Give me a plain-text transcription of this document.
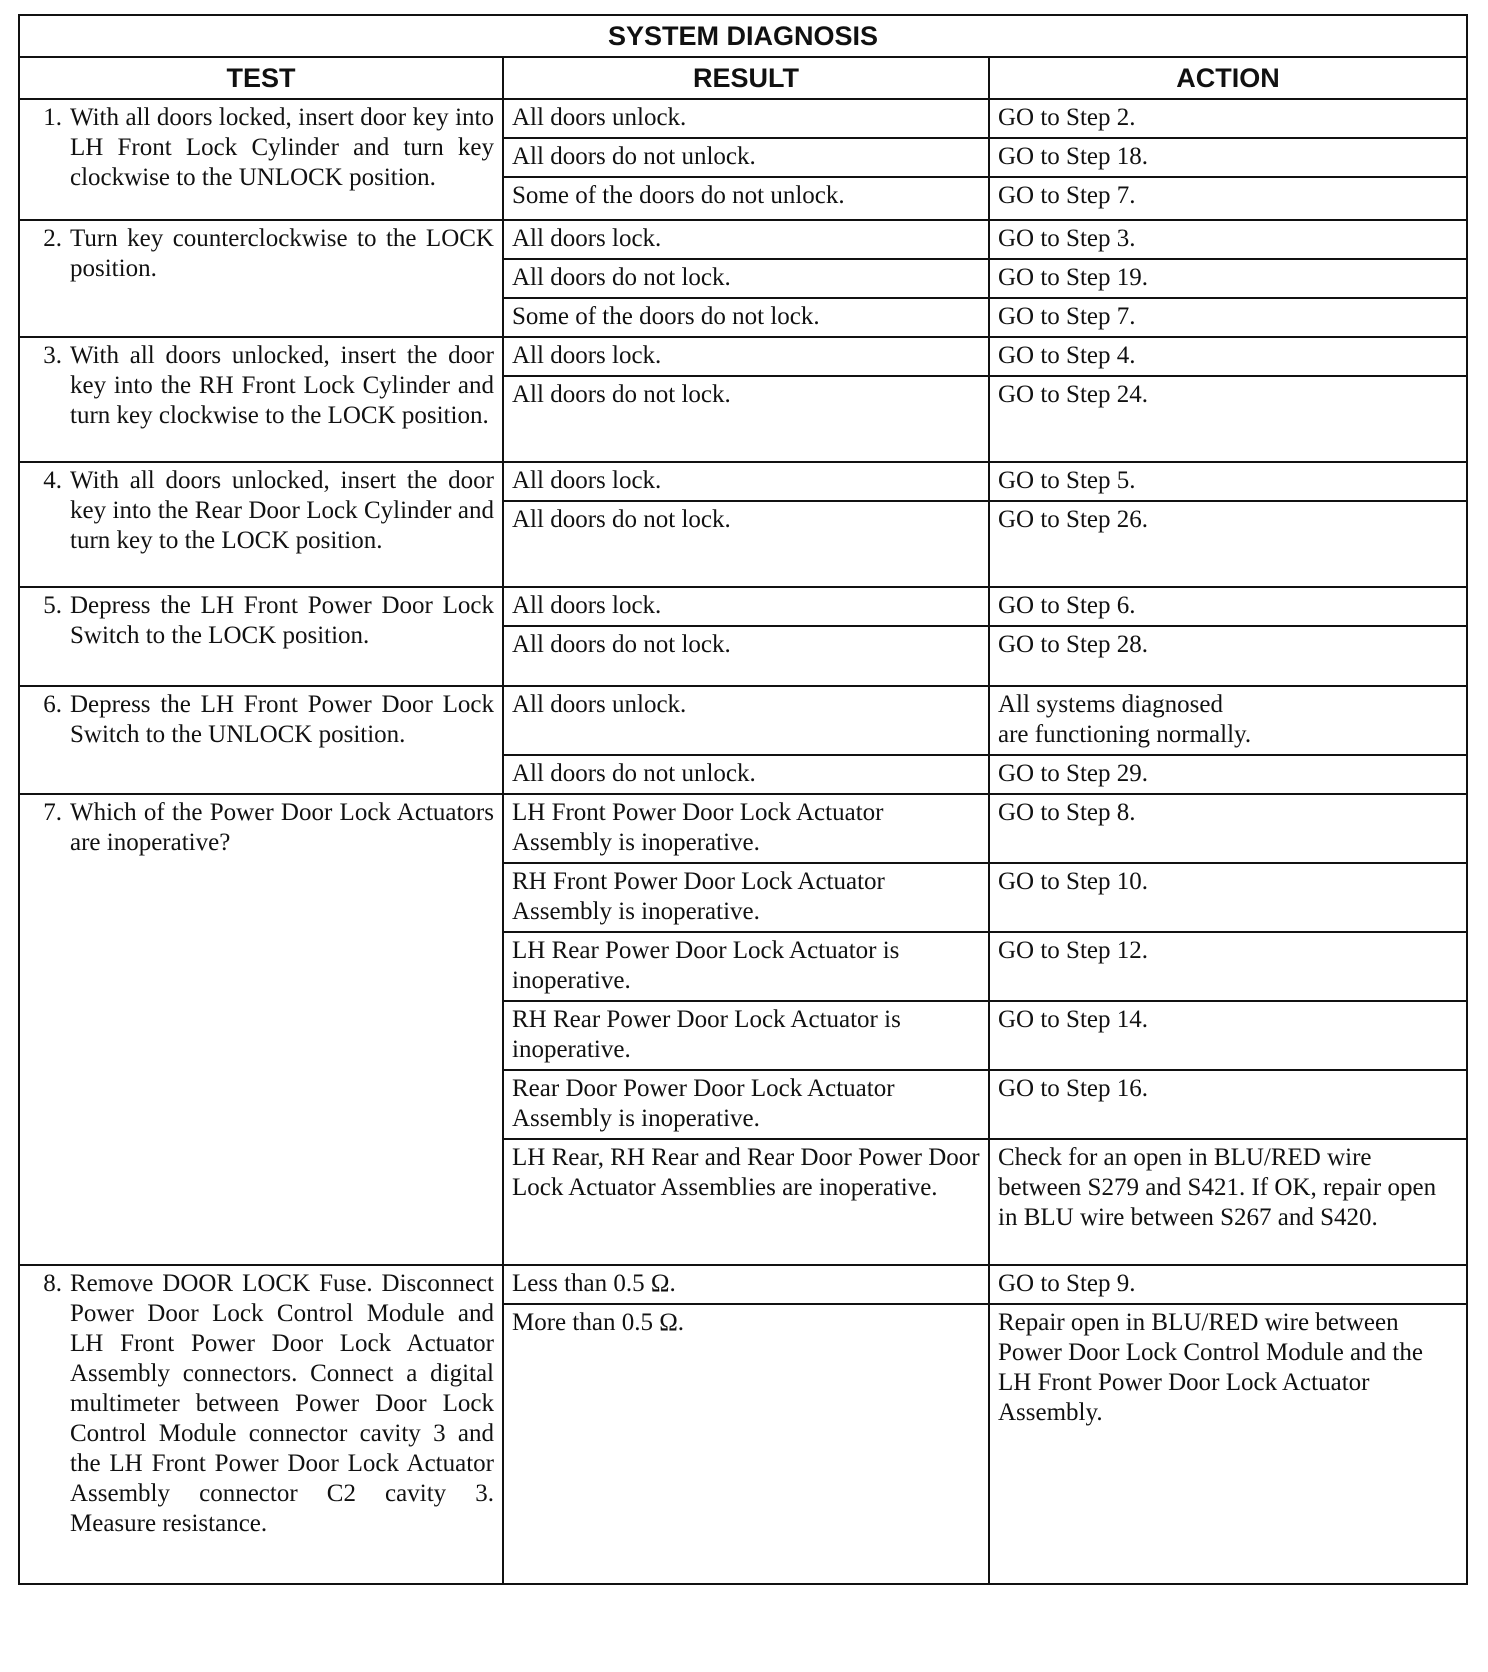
SYSTEM DIAGNOSIS		
TEST	RESULT	ACTION

1. With all doors locked, insert door key into LH Front Lock Cylinder and turn key clockwise to the UNLOCK position.	All doors unlock.	GO to Step 2.
	All doors do not unlock.	GO to Step 18.
	Some of the doors do not unlock.	GO to Step 7.

2. Turn key counterclockwise to the LOCK position.	All doors lock.	GO to Step 3.
	All doors do not lock.	GO to Step 19.
	Some of the doors do not lock.	GO to Step 7.

3. With all doors unlocked, insert the door key into the RH Front Lock Cylinder and turn key clockwise to the LOCK position.	All doors lock.	GO to Step 4.
	All doors do not lock.	GO to Step 24.

4. With all doors unlocked, insert the door key into the Rear Door Lock Cylinder and turn key to the LOCK position.	All doors lock.	GO to Step 5.
	All doors do not lock.	GO to Step 26.

5. Depress the LH Front Power Door Lock Switch to the LOCK position.	All doors lock.	GO to Step 6.
	All doors do not lock.	GO to Step 28.

6. Depress the LH Front Power Door Lock Switch to the UNLOCK position.	All doors unlock.	All systems diagnosed
are functioning normally.

	All doors do not unlock.	GO to Step 29.

7. Which of the Power Door Lock Actuators are inoperative?	LH Front Power Door Lock Actuator Assembly is inoperative.	GO to Step 8.
	RH Front Power Door Lock Actuator Assembly is inoperative.	GO to Step 10.
	LH Rear Power Door Lock Actuator is inoperative.	GO to Step 12.
	RH Rear Power Door Lock Actuator is inoperative.	GO to Step 14.
	Rear Door Power Door Lock Actuator Assembly is inoperative.	GO to Step 16.
	LH Rear, RH Rear and Rear Door Power Door Lock Actuator Assemblies are inoperative.	Check for an open in BLU/RED wire between S279 and S421. If OK, repair open in BLU wire between S267 and S420.

8. Remove DOOR LOCK Fuse. Disconnect Power Door Lock Control Module and LH Front Power Door Lock Actuator Assembly connectors. Connect a digital multimeter between Power Door Lock Control Module connector cavity 3 and the LH Front Power Door Lock Actuator Assembly connector C2 cavity 3. Measure resistance.	Less than 0.5 Ω.	GO to Step 9.
	More than 0.5 Ω.	Repair open in BLU/RED wire between Power Door Lock Control Module and the LH Front Power Door Lock Actuator Assembly.
